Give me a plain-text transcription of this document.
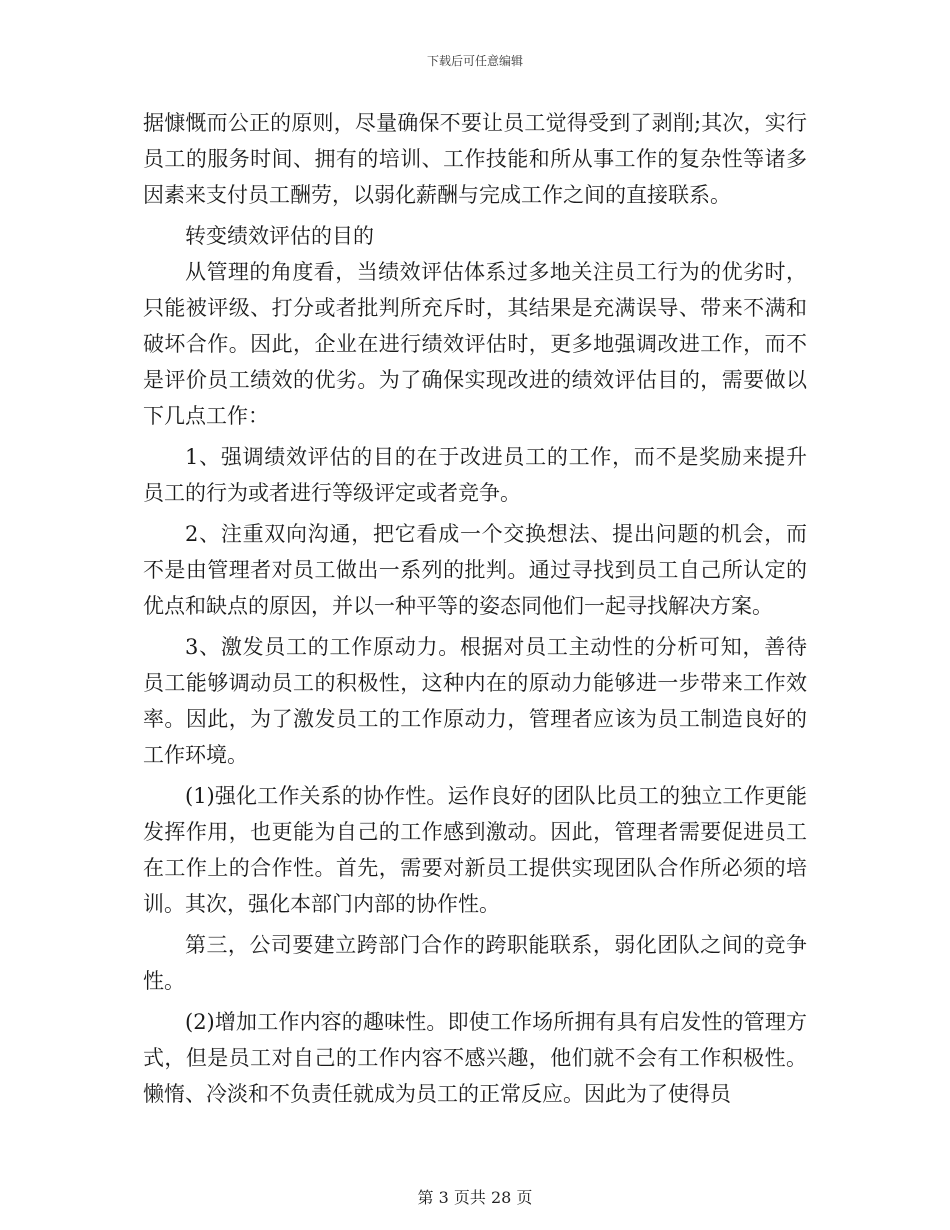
下载后可任意编辑

据慷慨而公正的原则，尽量确保不要让员工觉得受到了剥削;其次，实行员工的服务时间、拥有的培训、工作技能和所从事工作的复杂性等诸多因素来支付员工酬劳，以弱化薪酬与完成工作之间的直接联系。

转变绩效评估的目的

从管理的角度看，当绩效评估体系过多地关注员工行为的优劣时，只能被评级、打分或者批判所充斥时，其结果是充满误导、带来不满和破坏合作。因此，企业在进行绩效评估时，更多地强调改进工作，而不是评价员工绩效的优劣。为了确保实现改进的绩效评估目的，需要做以下几点工作：

1、强调绩效评估的目的在于改进员工的工作，而不是奖励来提升员工的行为或者进行等级评定或者竞争。

2、注重双向沟通，把它看成一个交换想法、提出问题的机会，而不是由管理者对员工做出一系列的批判。通过寻找到员工自己所认定的优点和缺点的原因，并以一种平等的姿态同他们一起寻找解决方案。

3、激发员工的工作原动力。根据对员工主动性的分析可知，善待员工能够调动员工的积极性，这种内在的原动力能够进一步带来工作效率。因此，为了激发员工的工作原动力，管理者应该为员工制造良好的工作环境。

(1)强化工作关系的协作性。运作良好的团队比员工的独立工作更能发挥作用，也更能为自己的工作感到激动。因此，管理者需要促进员工在工作上的合作性。首先，需要对新员工提供实现团队合作所必须的培训。其次，强化本部门内部的协作性。

第三，公司要建立跨部门合作的跨职能联系，弱化团队之间的竞争性。

(2)增加工作内容的趣味性。即使工作场所拥有具有启发性的管理方式，但是员工对自己的工作内容不感兴趣，他们就不会有工作积极性。懒惰、冷淡和不负责任就成为员工的正常反应。因此为了使得员

第 3 页共 28 页
